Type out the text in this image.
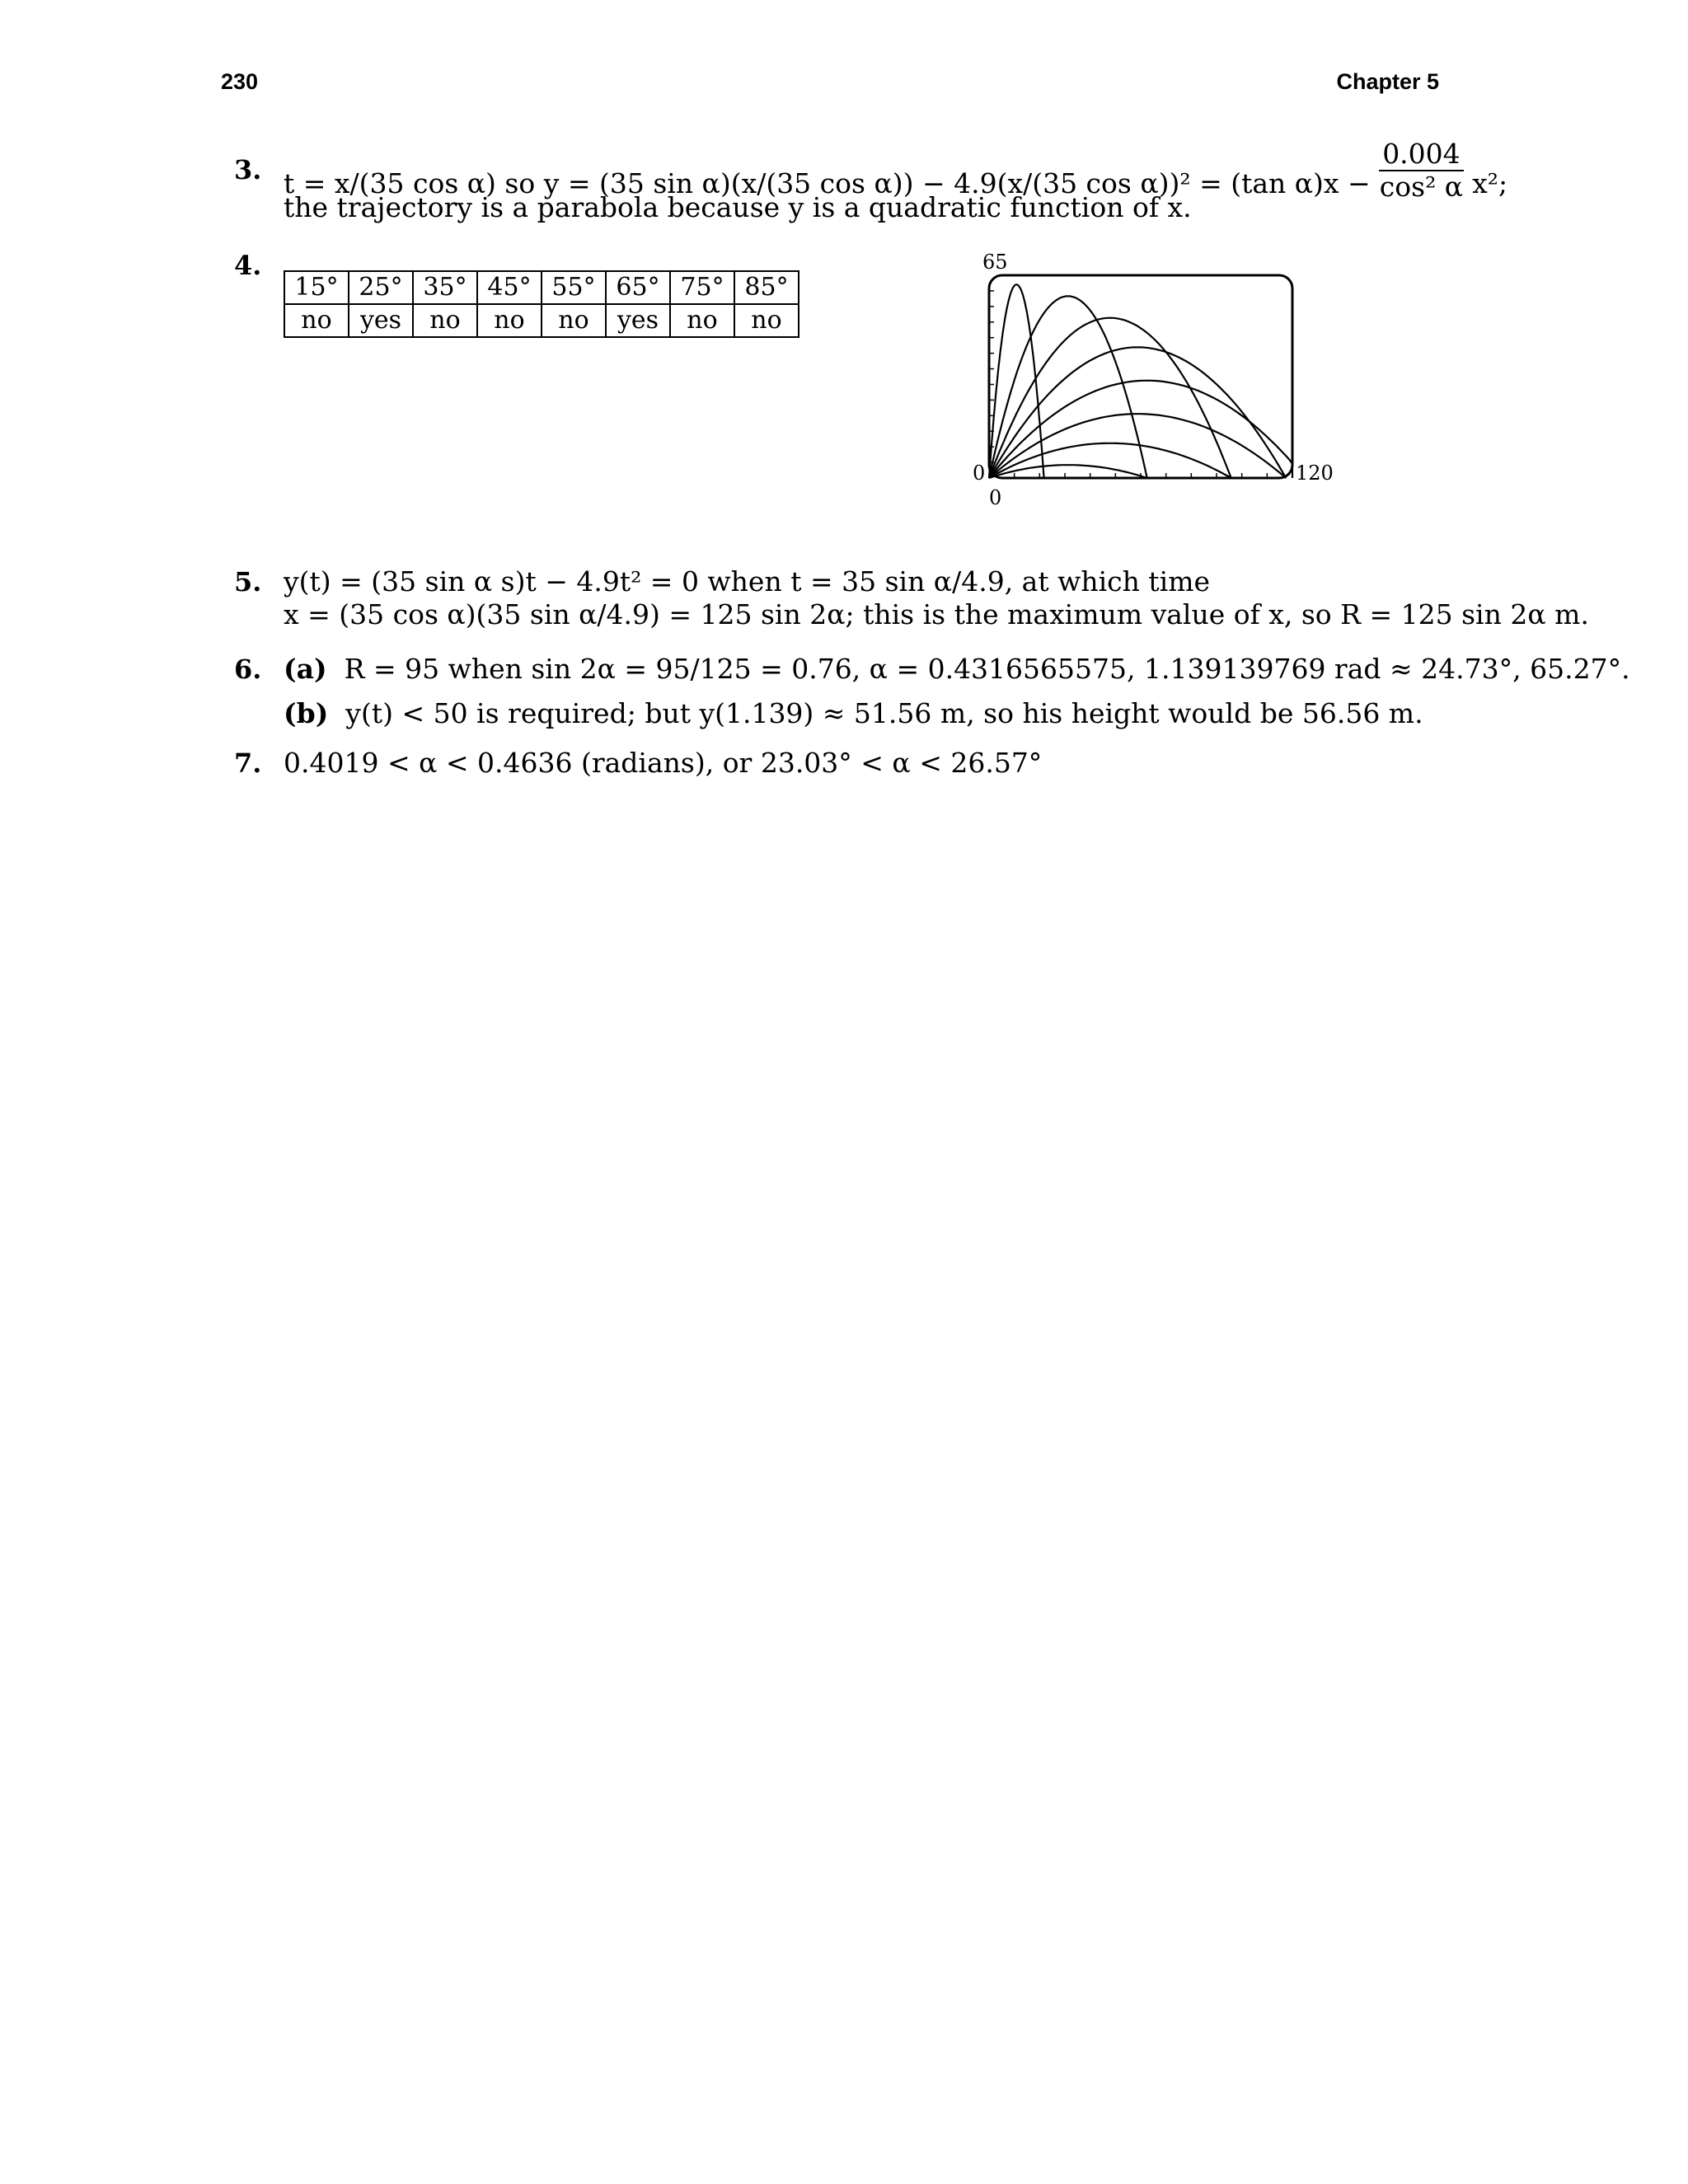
230	Chapter 5
3. t = x/(35 cos α) so y = (35 sin α)(x/(35 cos α)) − 4.9(x/(35 cos α))² = (tan $\alpha)x - \frac{0.004}{\text{cos² α}} x^2$;
the trajectory is a parabola because y is a quadratic function of x.
4.
15°	25°	35°	45°	55°	65°	75°	85°
no	yes	no	no	no	yes	no	no
65
0
0
120
5. y(t) = (35 sin α s)t − 4.9t² = 0 when t = 35 sin α/4.9, at which time
x = (35 cos α)(35 sin α/4.9) = 125 sin 2α; this is the maximum value of x, so R = 125 sin 2α m.
6. (a) R = 95 when sin 2α = 95/125 = 0.76, α = 0.4316565575, 1.139139769 rad ≈ 24.73°, 65.27°.
(b) y(t) < 50 is required; but y(1.139) ≈ 51.56 m, so his height would be 56.56 m.
7. 0.4019 < α < 0.4636 (radians), or 23.03° < α < 26.57°
